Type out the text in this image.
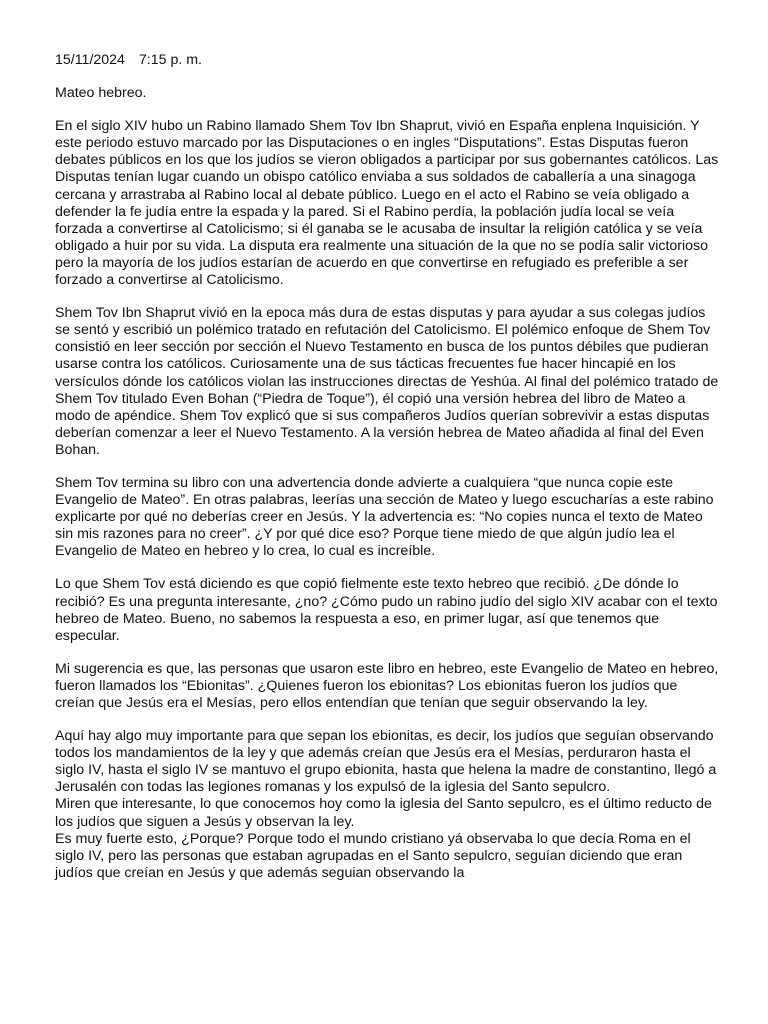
15/11/2024 7:15 p. m.

Mateo hebreo.

En el siglo XIV hubo un Rabino llamado Shem Tov Ibn Shaprut, vivió en España enplena Inquisición. Y este periodo estuvo marcado por las Disputaciones o en ingles “Disputations”. Estas Disputas fueron debates públicos en los que los judíos se vieron obligados a participar por sus gobernantes católicos. Las Disputas tenían lugar cuando un obispo católico enviaba a sus soldados de caballería a una sinagoga cercana y arrastraba al Rabino local al debate público. Luego en el acto el Rabino se veía obligado a defender la fe judía entre la espada y la pared. Si el Rabino perdía, la población judía local se veía forzada a convertirse al Catolicismo; si él ganaba se le acusaba de insultar la religión católica y se veía obligado a huir por su vida. La disputa era realmente una situación de la que no se podía salir victorioso pero la mayoría de los judíos estarían de acuerdo en que convertirse en refugiado es preferible a ser forzado a convertirse al Catolicismo.

Shem Tov Ibn Shaprut vivió en la epoca más dura de estas disputas y para ayudar a sus colegas judíos se sentó y escribió un polémico tratado en refutación del Catolicismo. El polémico enfoque de Shem Tov consistió en leer sección por sección el Nuevo Testamento en busca de los puntos débiles que pudieran usarse contra los católicos. Curiosamente una de sus tácticas frecuentes fue hacer hincapié en los versículos dónde los católicos violan las instrucciones directas de Yeshúa. Al final del polémico tratado de Shem Tov titulado Even Bohan (“Piedra de Toque”), él copió una versión hebrea del libro de Mateo a modo de apéndice. Shem Tov explicó que si sus compañeros Judíos querían sobrevivir a estas disputas deberían comenzar a leer el Nuevo Testamento. A la versión hebrea de Mateo añadida al final del Even Bohan.

Shem Tov termina su libro con una advertencia donde advierte a cualquiera “que nunca copie este Evangelio de Mateo”. En otras palabras, leerías una sección de Mateo y luego escucharías a este rabino explicarte por qué no deberías creer en Jesús. Y la advertencia es: “No copies nunca el texto de Mateo sin mis razones para no creer”. ¿Y por qué dice eso? Porque tiene miedo de que algún judío lea el Evangelio de Mateo en hebreo y lo crea, lo cual es increíble.

Lo que Shem Tov está diciendo es que copió fielmente este texto hebreo que recibió. ¿De dónde lo recibió? Es una pregunta interesante, ¿no? ¿Cómo pudo un rabino judío del siglo XIV acabar con el texto hebreo de Mateo. Bueno, no sabemos la respuesta a eso, en primer lugar, así que tenemos que especular.

Mi sugerencia es que, las personas que usaron este libro en hebreo, este Evangelio de Mateo en hebreo, fueron llamados los “Ebionitas”. ¿Quienes fueron los ebionitas? Los ebionitas fueron los judíos que creían que Jesús era el Mesías, pero ellos entendían que tenían que seguir observando la ley.

Aquí hay algo muy importante para que sepan los ebionitas, es decir, los judíos que seguían observando todos los mandamientos de la ley y que además creían que Jesús era el Mesías, perduraron hasta el siglo IV, hasta el siglo IV se mantuvo el grupo ebionita, hasta que helena la madre de constantino, llegó a Jerusalén con todas las legiones romanas y los expulsó de la iglesia del Santo sepulcro.

Miren que interesante, lo que conocemos hoy como la iglesia del Santo sepulcro, es el último reducto de los judíos que siguen a Jesús y observan la ley.

Es muy fuerte esto, ¿Porque? Porque todo el mundo cristiano yá observaba lo que decía Roma en el siglo IV, pero las personas que estaban agrupadas en el Santo sepulcro, seguían diciendo que eran judíos que creían en Jesús y que además seguian observando la
